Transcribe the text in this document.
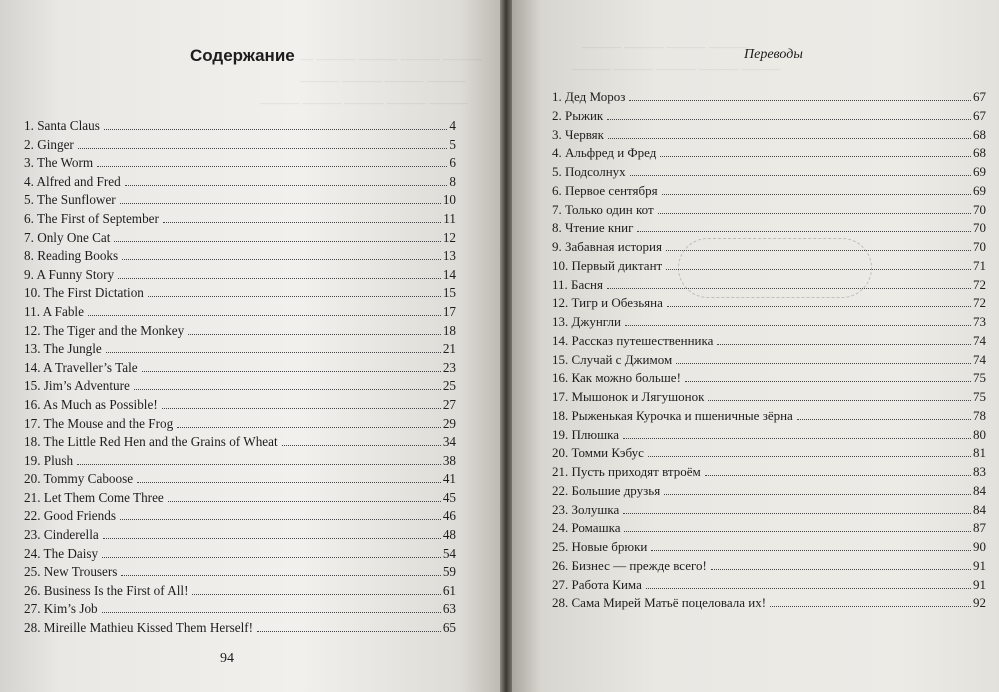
— ——— ——— ——— ———
——— ——— ——— ———
——— ——— ——— ——— ———
Содержание
1. Santa Claus	4
2. Ginger	5
3. The Worm	6
4. Alfred and Fred	8
5. The Sunflower	10
6. The First of September	11
7. Only One Cat	12
8. Reading Books	13
9. A Funny Story	14
10. The First Dictation	15
11. A Fable	17
12. The Tiger and the Monkey	18
13. The Jungle	21
14. A Traveller’s Tale	23
15. Jim’s Adventure	25
16. As Much as Possible!	27
17. The Mouse and the Frog	29
18. The Little Red Hen and the Grains of Wheat	34
19. Plush	38
20. Tommy Caboose	41
21. Let Them Come Three	45
22. Good Friends	46
23. Cinderella	48
24. The Daisy	54
25. New Trousers	59
26. Business Is the First of All!	61
27. Kim’s Job	63
28. Mireille Mathieu Kissed Them Herself!	65
94
——— ——— ——— ———
——— ——— ——— ——— ———
Переводы
1. Дед Мороз	67
2. Рыжик	67
3. Червяк	68
4. Альфред и Фред	68
5. Подсолнух	69
6. Первое сентября	69
7. Только один кот	70
8. Чтение книг	70
9. Забавная история	70
10. Первый диктант	71
11. Басня	72
12. Тигр и Обезьяна	72
13. Джунгли	73
14. Рассказ путешественника	74
15. Случай с Джимом	74
16. Как можно больше!	75
17. Мышонок и Лягушонок	75
18. Рыженькая Курочка и пшеничные зёрна	78
19. Плюшка	80
20. Томми Кэбус	81
21. Пусть приходят втроём	83
22. Большие друзья	84
23. Золушка	84
24. Ромашка	87
25. Новые брюки	90
26. Бизнес — прежде всего!	91
27. Работа Кима	91
28. Сама Мирей Матьё поцеловала их!	92
